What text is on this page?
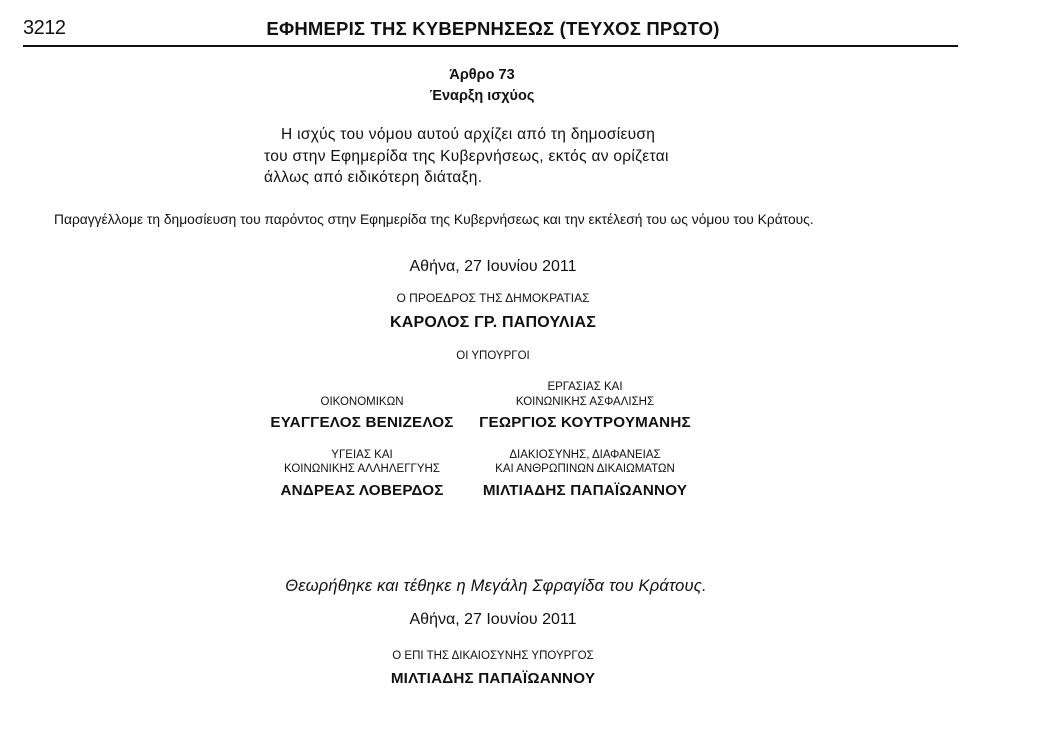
3212	ΕΦΗΜΕΡΙΣ ΤΗΣ ΚΥΒΕΡΝΗΣΕΩΣ (ΤΕΥΧΟΣ ΠΡΩΤΟ)
Άρθρο 73
Έναρξη ισχύος
Η ισχύς του νόμου αυτού αρχίζει από τη δημοσίευση
του στην Εφημερίδα της Κυβερνήσεως, εκτός αν ορίζεται
άλλως από ειδικότερη διάταξη.
Παραγγέλλομε τη δημοσίευση του παρόντος στην Εφημερίδα της Κυβερνήσεως και την εκτέλεσή του ως νόμου του Κράτους.
Αθήνα, 27 Ιουνίου 2011
Ο ΠΡΟΕΔΡΟΣ ΤΗΣ ΔΗΜΟΚΡΑΤΙΑΣ
ΚΑΡΟΛΟΣ ΓΡ. ΠΑΠΟΥΛΙΑΣ
ΟΙ ΥΠΟΥΡΓΟΙ
ΟΙΚΟΝΟΜΙΚΩΝ
ΕΥΑΓΓΕΛΟΣ ΒΕΝΙΖΕΛΟΣ
ΕΡΓΑΣΙΑΣ ΚΑΙ
ΚΟΙΝΩΝΙΚΗΣ ΑΣΦΑΛΙΣΗΣ
ΓΕΩΡΓΙΟΣ ΚΟΥΤΡΟΥΜΑΝΗΣ
ΥΓΕΙΑΣ ΚΑΙ
ΚΟΙΝΩΝΙΚΗΣ ΑΛΛΗΛΕΓΓΥΗΣ
ΑΝΔΡΕΑΣ ΛΟΒΕΡΔΟΣ
ΔΙΑΚΙΟΣΥΝΗΣ, ΔΙΑΦΑΝΕΙΑΣ
ΚΑΙ ΑΝΘΡΩΠΙΝΩΝ ΔΙΚΑΙΩΜΑΤΩΝ
ΜΙΛΤΙΑΔΗΣ ΠΑΠΑΪΩΑΝΝΟΥ
Θεωρήθηκε και τέθηκε η Μεγάλη Σφραγίδα του Κράτους.
Αθήνα, 27 Ιουνίου 2011
Ο ΕΠΙ ΤΗΣ ΔΙΚΑΙΟΣΥΝΗΣ ΥΠΟΥΡΓΟΣ
ΜΙΛΤΙΑΔΗΣ ΠΑΠΑΪΩΑΝΝΟΥ
